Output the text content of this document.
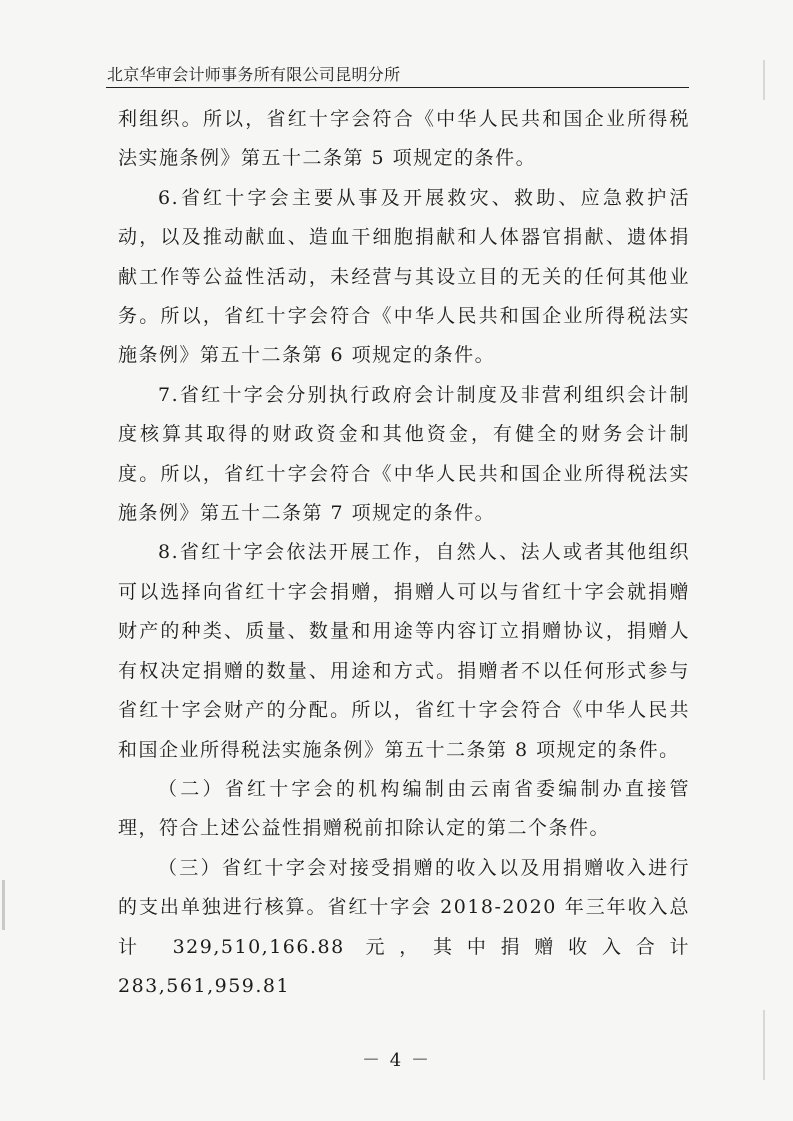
北京华审会计师事务所有限公司昆明分所

利组织。所以，省红十字会符合《中华人民共和国企业所得税法实施条例》第五十二条第 5 项规定的条件。

6.省红十字会主要从事及开展救灾、救助、应急救护活动，以及推动献血、造血干细胞捐献和人体器官捐献、遗体捐献工作等公益性活动，未经营与其设立目的无关的任何其他业务。所以，省红十字会符合《中华人民共和国企业所得税法实施条例》第五十二条第 6 项规定的条件。

7.省红十字会分别执行政府会计制度及非营利组织会计制度核算其取得的财政资金和其他资金，有健全的财务会计制度。所以，省红十字会符合《中华人民共和国企业所得税法实施条例》第五十二条第 7 项规定的条件。

8.省红十字会依法开展工作，自然人、法人或者其他组织可以选择向省红十字会捐赠，捐赠人可以与省红十字会就捐赠财产的种类、质量、数量和用途等内容订立捐赠协议，捐赠人有权决定捐赠的数量、用途和方式。捐赠者不以任何形式参与省红十字会财产的分配。所以，省红十字会符合《中华人民共和国企业所得税法实施条例》第五十二条第 8 项规定的条件。

（二）省红十字会的机构编制由云南省委编制办直接管理，符合上述公益性捐赠税前扣除认定的第二个条件。

（三）省红十字会对接受捐赠的收入以及用捐赠收入进行的支出单独进行核算。省红十字会 2018-2020 年三年收入总计 329,510,166.88 元，其中捐赠收入合计 283,561,959.81

－ 4 －
